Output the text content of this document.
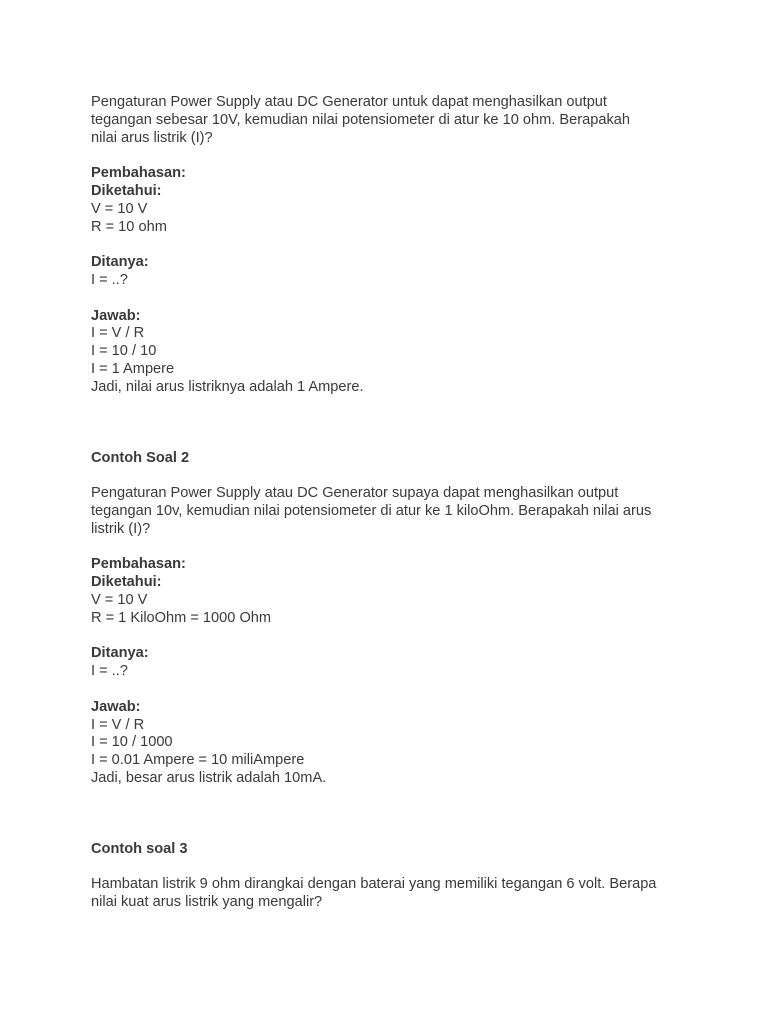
Pengaturan Power Supply atau DC Generator untuk dapat menghasilkan output
tegangan sebesar 10V, kemudian nilai potensiometer di atur ke 10 ohm. Berapakah
nilai arus listrik (I)?
Pembahasan:
Diketahui:
V = 10 V
R = 10 ohm
Ditanya:
I = ..?
Jawab:
I = V / R
I = 10 / 10
I = 1 Ampere
Jadi, nilai arus listriknya adalah 1 Ampere.
Contoh Soal 2
Pengaturan Power Supply atau DC Generator supaya dapat menghasilkan output
tegangan 10v, kemudian nilai potensiometer di atur ke 1 kiloOhm. Berapakah nilai arus
listrik (I)?
Pembahasan:
Diketahui:
V = 10 V
R = 1 KiloOhm = 1000 Ohm
Ditanya:
I = ..?
Jawab:
I = V / R
I = 10 / 1000
I = 0.01 Ampere = 10 miliAmpere
Jadi, besar arus listrik adalah 10mA.
Contoh soal 3
Hambatan listrik 9 ohm dirangkai dengan baterai yang memiliki tegangan 6 volt. Berapa
nilai kuat arus listrik yang mengalir?
